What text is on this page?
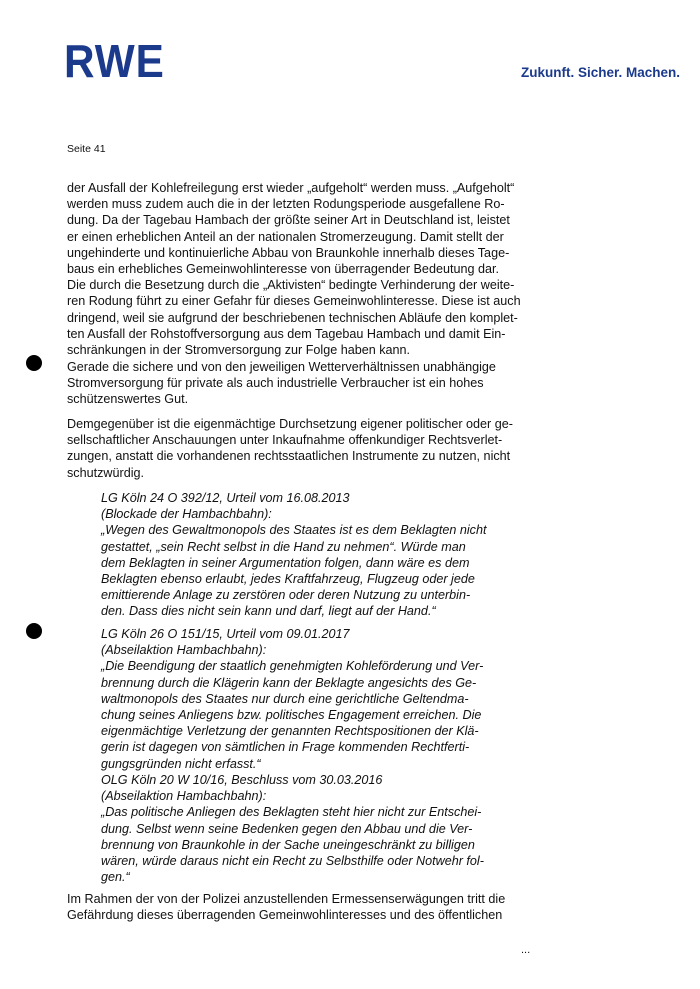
RWE	Zukunft. Sicher. Machen.
Seite 41

der Ausfall der Kohlefreilegung erst wieder „aufgeholt“ werden muss. „Aufgeholt“

werden muss zudem auch die in der letzten Rodungsperiode ausgefallene Ro-

dung. Da der Tagebau Hambach der größte seiner Art in Deutschland ist, leistet

er einen erheblichen Anteil an der nationalen Stromerzeugung. Damit stellt der

ungehinderte und kontinuierliche Abbau von Braunkohle innerhalb dieses Tage-

baus ein erhebliches Gemeinwohlinteresse von überragender Bedeutung dar.

Die durch die Besetzung durch die „Aktivisten“ bedingte Verhinderung der weite-

ren Rodung führt zu einer Gefahr für dieses Gemeinwohlinteresse. Diese ist auch

dringend, weil sie aufgrund der beschriebenen technischen Abläufe den komplet-

ten Ausfall der Rohstoffversorgung aus dem Tagebau Hambach und damit Ein-

schränkungen in der Stromversorgung zur Folge haben kann.

Gerade die sichere und von den jeweiligen Wetterverhältnissen unabhängige

Stromversorgung für private als auch industrielle Verbraucher ist ein hohes

schützenswertes Gut.

Demgegenüber ist die eigenmächtige Durchsetzung eigener politischer oder ge-

sellschaftlicher Anschauungen unter Inkaufnahme offenkundiger Rechtsverlet-

zungen, anstatt die vorhandenen rechtsstaatlichen Instrumente zu nutzen, nicht

schutzwürdig.

LG Köln 24 O 392/12, Urteil vom 16.08.2013
(Blockade der Hambachbahn):
„Wegen des Gewaltmonopols des Staates ist es dem Beklagten nicht
gestattet, „sein Recht selbst in die Hand zu nehmen“. Würde man
dem Beklagten in seiner Argumentation folgen, dann wäre es dem
Beklagten ebenso erlaubt, jedes Kraftfahrzeug, Flugzeug oder jede
emittierende Anlage zu zerstören oder deren Nutzung zu unterbin-
den. Dass dies nicht sein kann und darf, liegt auf der Hand.“
LG Köln 26 O 151/15, Urteil vom 09.01.2017
(Abseilaktion Hambachbahn):
„Die Beendigung der staatlich genehmigten Kohleförderung und Ver-
brennung durch die Klägerin kann der Beklagte angesichts des Ge-
waltmonopols des Staates nur durch eine gerichtliche Geltendma-
chung seines Anliegens bzw. politisches Engagement erreichen. Die
eigenmächtige Verletzung der genannten Rechtspositionen der Klä-
gerin ist dagegen von sämtlichen in Frage kommenden Rechtferti-
gungsgründen nicht erfasst.“
OLG Köln 20 W 10/16, Beschluss vom 30.03.2016
(Abseilaktion Hambachbahn):
„Das politische Anliegen des Beklagten steht hier nicht zur Entschei-
dung. Selbst wenn seine Bedenken gegen den Abbau und die Ver-
brennung von Braunkohle in der Sache uneingeschränkt zu billigen
wären, würde daraus nicht ein Recht zu Selbsthilfe oder Notwehr fol-
gen.“

Im Rahmen der von der Polizei anzustellenden Ermessenserwägungen tritt die

Gefährdung dieses überragenden Gemeinwohlinteresses und des öffentlichen

...
